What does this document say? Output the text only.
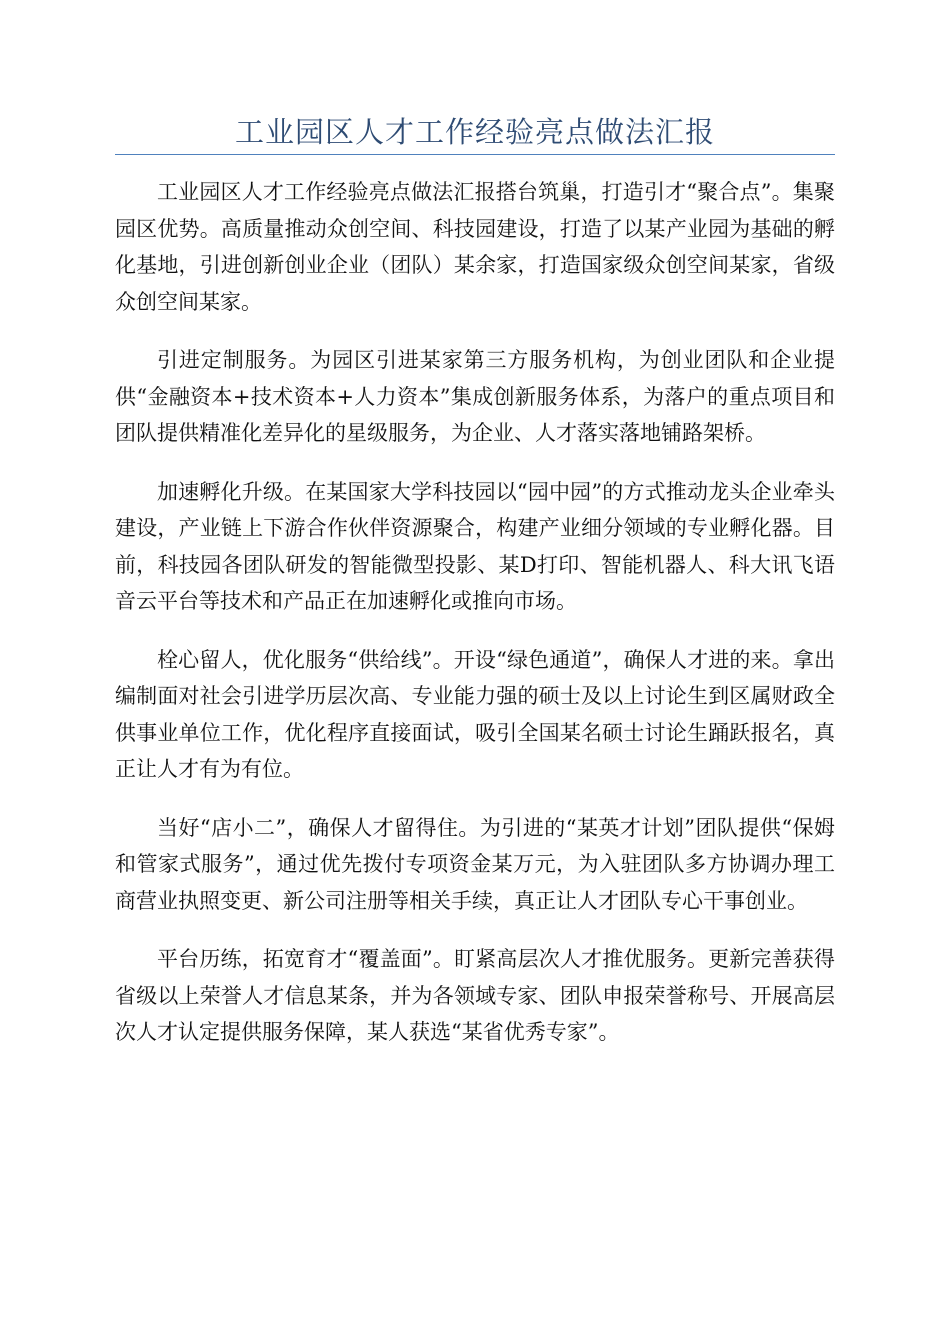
工业园区人才工作经验亮点做法汇报

工业园区人才工作经验亮点做法汇报搭台筑巢，打造引才“聚合点”。集聚园区优势。高质量推动众创空间、科技园建设，打造了以某产业园为基础的孵化基地，引进创新创业企业（团队）某余家，打造国家级众创空间某家，省级众创空间某家。

引进定制服务。为园区引进某家第三方服务机构，为创业团队和企业提供“金融资本+技术资本+人力资本”集成创新服务体系，为落户的重点项目和团队提供精准化差异化的星级服务，为企业、人才落实落地铺路架桥。

加速孵化升级。在某国家大学科技园以“园中园”的方式推动龙头企业牵头建设，产业链上下游合作伙伴资源聚合，构建产业细分领域的专业孵化器。目前，科技园各团队研发的智能微型投影、某D打印、智能机器人、科大讯飞语音云平台等技术和产品正在加速孵化或推向市场。

栓心留人，优化服务“供给线”。开设“绿色通道”，确保人才进的来。拿出编制面对社会引进学历层次高、专业能力强的硕士及以上讨论生到区属财政全供事业单位工作，优化程序直接面试，吸引全国某名硕士讨论生踊跃报名，真正让人才有为有位。

当好“店小二”，确保人才留得住。为引进的“某英才计划”团队提供“保姆和管家式服务”，通过优先拨付专项资金某万元，为入驻团队多方协调办理工商营业执照变更、新公司注册等相关手续，真正让人才团队专心干事创业。

平台历练，拓宽育才“覆盖面”。盯紧高层次人才推优服务。更新完善获得省级以上荣誉人才信息某条，并为各领域专家、团队申报荣誉称号、开展高层次人才认定提供服务保障，某人获选“某省优秀专家”。
